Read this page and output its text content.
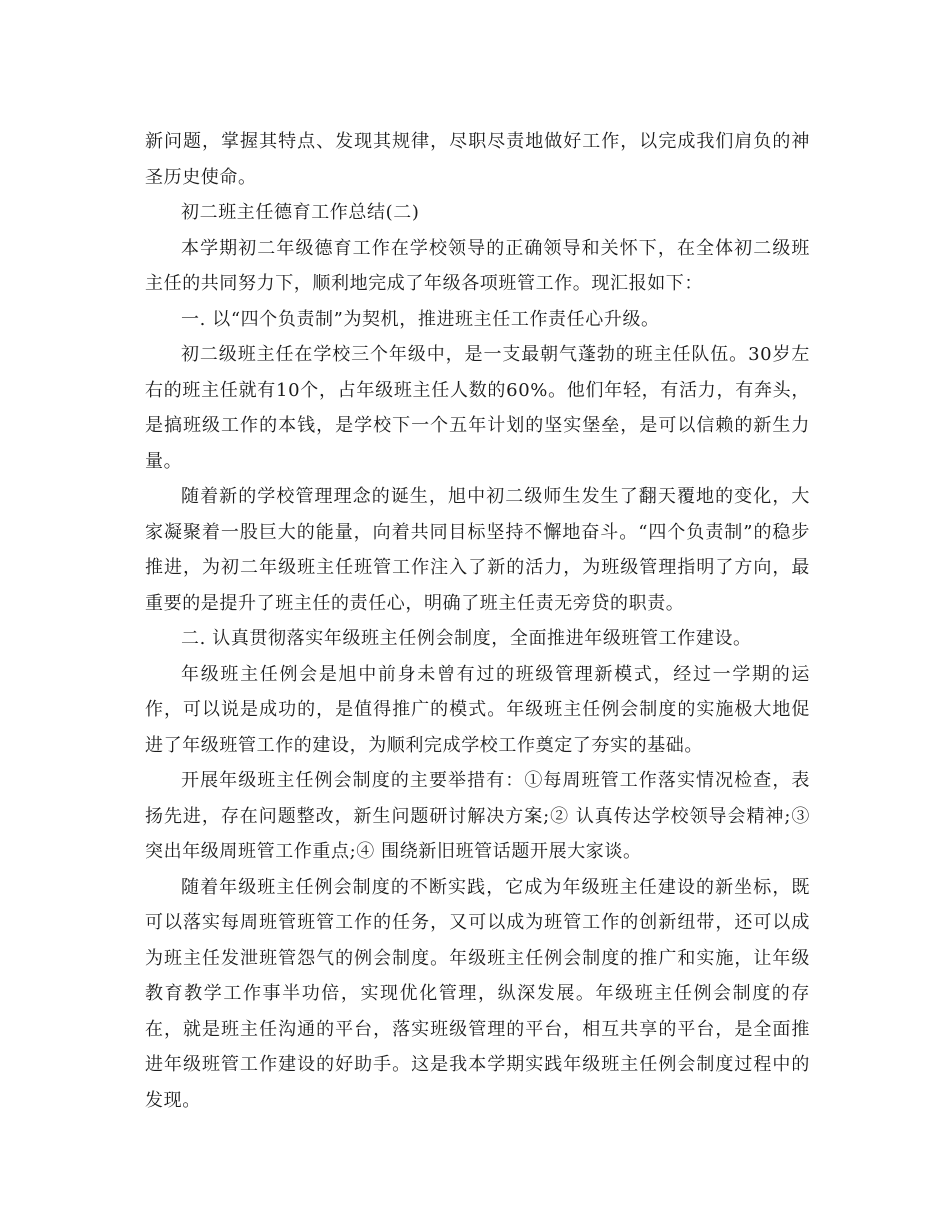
新问题，掌握其特点、发现其规律，尽职尽责地做好工作，以完成我们肩负的神圣历史使命。

初二班主任德育工作总结(二)

本学期初二年级德育工作在学校领导的正确领导和关怀下，在全体初二级班主任的共同努力下，顺利地完成了年级各项班管工作。现汇报如下：

一. 以“四个负责制”为契机，推进班主任工作责任心升级。

初二级班主任在学校三个年级中，是一支最朝气蓬勃的班主任队伍。30岁左右的班主任就有10个，占年级班主任人数的60%。他们年轻，有活力，有奔头，是搞班级工作的本钱，是学校下一个五年计划的坚实堡垒，是可以信赖的新生力量。

随着新的学校管理理念的诞生，旭中初二级师生发生了翻天覆地的变化，大家凝聚着一股巨大的能量，向着共同目标坚持不懈地奋斗。“四个负责制”的稳步推进，为初二年级班主任班管工作注入了新的活力，为班级管理指明了方向，最重要的是提升了班主任的责任心，明确了班主任责无旁贷的职责。

二. 认真贯彻落实年级班主任例会制度，全面推进年级班管工作建设。

年级班主任例会是旭中前身未曾有过的班级管理新模式，经过一学期的运作，可以说是成功的，是值得推广的模式。年级班主任例会制度的实施极大地促进了年级班管工作的建设，为顺利完成学校工作奠定了夯实的基础。

开展年级班主任例会制度的主要举措有：①每周班管工作落实情况检查，表扬先进，存在问题整改，新生问题研讨解决方案;② 认真传达学校领导会精神;③突出年级周班管工作重点;④ 围绕新旧班管话题开展大家谈。

随着年级班主任例会制度的不断实践，它成为年级班主任建设的新坐标，既可以落实每周班管班管工作的任务，又可以成为班管工作的创新纽带，还可以成为班主任发泄班管怨气的例会制度。年级班主任例会制度的推广和实施，让年级教育教学工作事半功倍，实现优化管理，纵深发展。年级班主任例会制度的存在，就是班主任沟通的平台，落实班级管理的平台，相互共享的平台，是全面推进年级班管工作建设的好助手。这是我本学期实践年级班主任例会制度过程中的发现。
